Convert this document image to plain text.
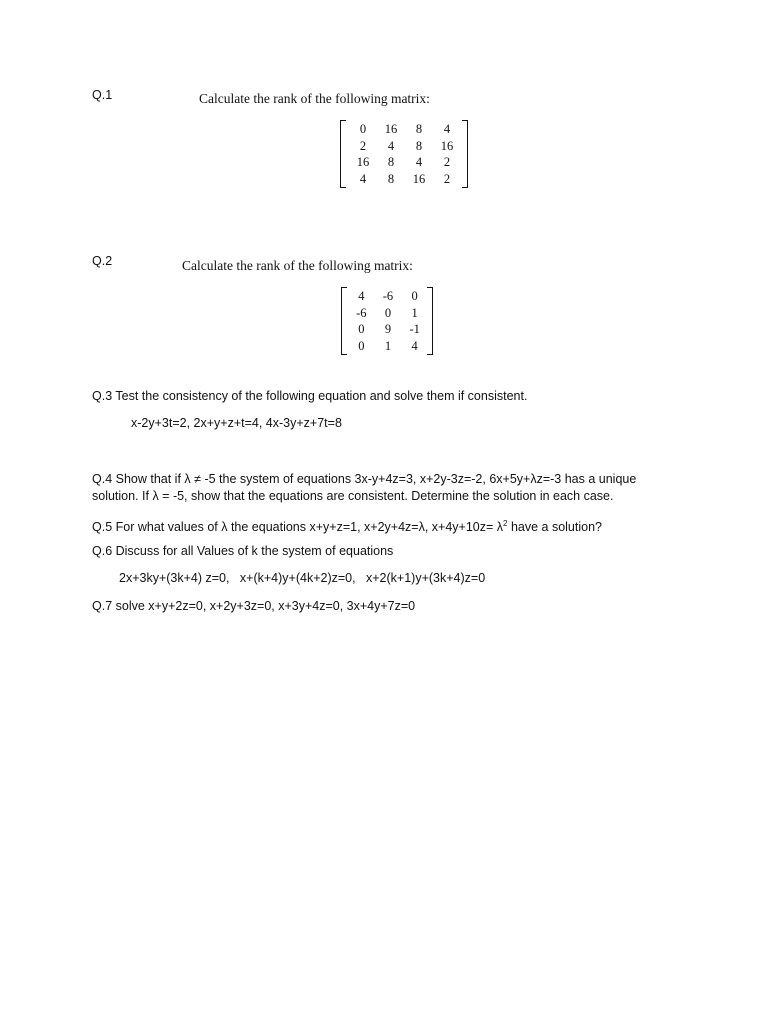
Q.1	Calculate the rank of the following matrix:
0	16	8	4
2	4	8	16
16	8	4	2
4	8	16	2
Q.2	Calculate the rank of the following matrix:
4	-6	0
-6	0	1
0	9	-1
0	1	4
Q.3 Test the consistency of the following equation and solve them if consistent.
x-2y+3t=2, 2x+y+z+t=4, 4x-3y+z+7t=8
Q.4 Show that if λ ≠ -5 the system of equations 3x-y+4z=3, x+2y-3z=-2, 6x+5y+λz=-3 has a unique solution. If λ = -5, show that the equations are consistent. Determine the solution in each case.
Q.5 For what values of λ the equations x+y+z=1, x+2y+4z=λ, $x+4y+10z= \lambda^2$ have a solution?
Q.6 Discuss for all Values of k the system of equations
2x+3ky+(3k+4) z=0,   x+(k+4)y+(4k+2)z=0,   x+2(k+1)y+(3k+4)z=0
Q.7 solve x+y+2z=0, x+2y+3z=0, x+3y+4z=0, 3x+4y+7z=0
